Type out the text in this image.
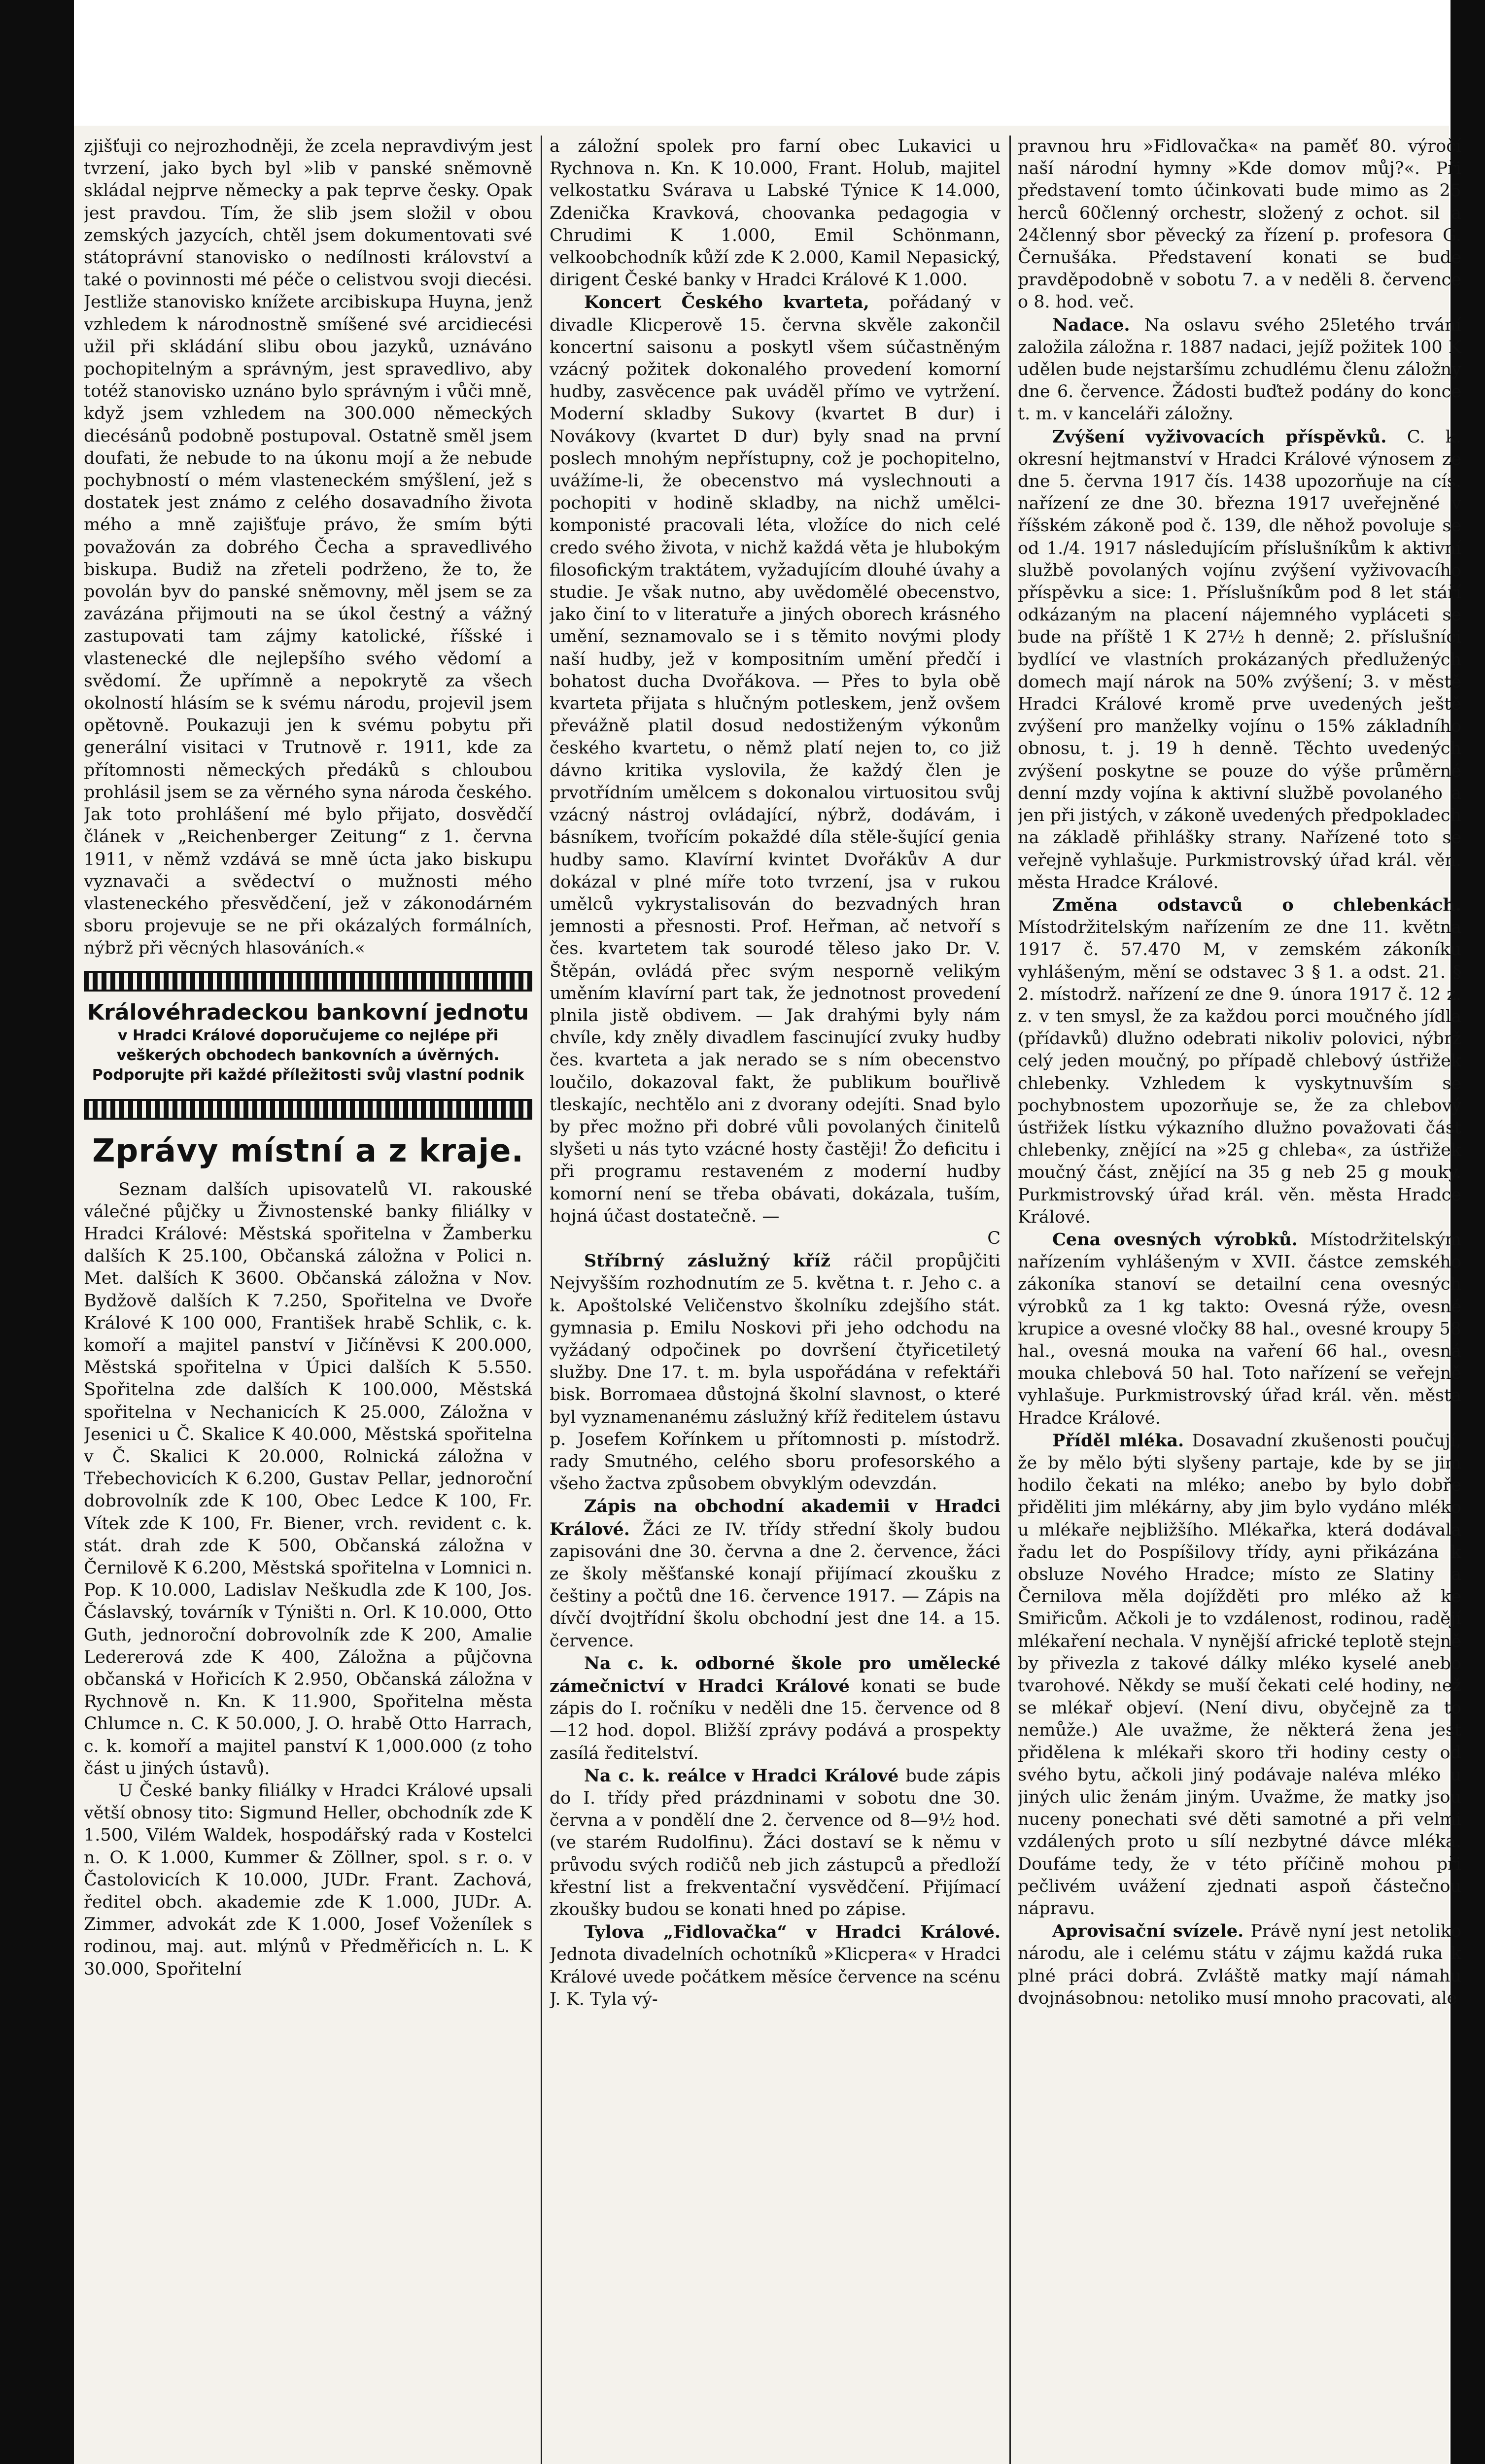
zjišťuji co nejrozhodněji, že zcela nepravdivým jest tvrzení, jako bych byl »lib v panské sněmovně skládal nejprve německy a pak teprve česky. Opak jest pravdou. Tím, že slib jsem složil v obou zemských jazycích, chtěl jsem dokumentovati své státoprávní stanovisko o nedílnosti království a také o povinnosti mé péče o celistvou svoji diecési. Jestliže stanovisko knížete arcibiskupa Huyna, jenž vzhledem k národnostně smíšené své arcidiecési užil při skládání slibu obou jazyků, uznáváno pochopitelným a správným, jest spravedlivo, aby totéž stanovisko uznáno bylo správným i vůči mně, když jsem vzhledem na 300.000 německých diecésánů podobně postupoval. Ostatně směl jsem doufati, že nebude to na úkonu mojí a že nebude pochybností o mém vlasteneckém smýšlení, jež s dostatek jest známo z celého dosavadního života mého a mně zajišťuje právo, že smím býti považován za dobrého Čecha a spravedlivého biskupa. Budiž na zřeteli podrženo, že to, že povolán byv do panské sněmovny, měl jsem se za zavázána přijmouti na se úkol čestný a vážný zastupovati tam zájmy katolické, říšské i vlastenecké dle nejlepšího svého vědomí a svědomí. Že upřímně a nepokrytě za všech okolností hlásím se k svému národu, projevil jsem opětovně. Poukazuji jen k svému pobytu při generální visitaci v Trutnově r. 1911, kde za přítomnosti německých předáků s chloubou prohlásil jsem se za věrného syna národa českého. Jak toto prohlášení mé bylo přijato, dosvědčí článek v „Reichenberger Zeitung“ z 1. června 1911, v němž vzdává se mně úcta jako biskupu vyznavači a svědectví o mužnosti mého vlasteneckého přesvědčení, jež v zákonodárném sboru projevuje se ne při okázalých formálních, nýbrž při věcných hlasováních.«

Královéhradeckou bankovní jednotu
v Hradci Králové doporučujeme co nejlépe při veškerých obchodech bankovních a úvěrných. Podporujte při každé příležitosti svůj vlastní podnik
Zprávy místní a z kraje.

Seznam dalších upisovatelů VI. rakouské válečné půjčky u Živnostenské banky filiálky v Hradci Králové: Městská spořitelna v Žamberku dalších K 25.100, Občanská záložna v Polici n. Met. dalších K 3600. Občanská záložna v Nov. Bydžově dalších K 7.250, Spořitelna ve Dvoře Králové K 100 000, František hrabě Schlik, c. k. komoří a majitel panství v Jičíněvsi K 200.000, Městská spořitelna v Úpici dalších K 5.550. Spořitelna zde dalších K 100.000, Městská spořitelna v Nechanicích K 25.000, Záložna v Jesenici u Č. Skalice K 40.000, Městská spořitelna v Č. Skalici K 20.000, Rolnická záložna v Třebechovicích K 6.200, Gustav Pellar, jednoroční dobrovolník zde K 100, Obec Ledce K 100, Fr. Vítek zde K 100, Fr. Biener, vrch. revident c. k. stát. drah zde K 500, Občanská záložna v Černilově K 6.200, Městská spořitelna v Lomnici n. Pop. K 10.000, Ladislav Neškudla zde K 100, Jos. Čáslavský, továrník v Týništi n. Orl. K 10.000, Otto Guth, jednoroční dobrovolník zde K 200, Amalie Ledererová zde K 400, Záložna a půjčovna občanská v Hořicích K 2.950, Občanská záložna v Rychnově n. Kn. K 11.900, Spořitelna města Chlumce n. C. K 50.000, J. O. hrabě Otto Harrach, c. k. komoří a majitel panství K 1,000.000 (z toho část u jiných ústavů).

U České banky filiálky v Hradci Králové upsali větší obnosy tito: Sigmund Heller, obchodník zde K 1.500, Vilém Waldek, hospodářský rada v Kostelci n. O. K 1.000, Kummer & Zöllner, spol. s r. o. v Častolovicích K 10.000, JUDr. Frant. Zachová, ředitel obch. akademie zde K 1.000, JUDr. A. Zimmer, advokát zde K 1.000, Josef Voženílek s rodinou, maj. aut. mlýnů v Předměřicích n. L. K 30.000, Spořitelní

a záložní spolek pro farní obec Lukavici u Rychnova n. Kn. K 10.000, Frant. Holub, majitel velkostatku Svárava u Labské Týnice K 14.000, Zdenička Kravková, choovanka pedagogia v Chrudimi K 1.000, Emil Schönmann, velkoobchodník kůží zde K 2.000, Kamil Nepasický, dirigent České banky v Hradci Králové K 1.000.

Koncert Českého kvarteta, pořádaný v divadle Klicperově 15. června skvěle zakončil koncertní saisonu a poskytl všem súčastněným vzácný požitek dokonalého provedení komorní hudby, zasvěcence pak uváděl přímo ve vytržení. Moderní skladby Sukovy (kvartet B dur) i Novákovy (kvartet D dur) byly snad na první poslech mnohým nepřístupny, což je pochopitelno, uvážíme-li, že obecenstvo má vyslechnouti a pochopiti v hodině skladby, na nichž umělci-komponisté pracovali léta, vložíce do nich celé credo svého života, v nichž každá věta je hlubokým filosofickým traktátem, vyžadujícím dlouhé úvahy a studie. Je však nutno, aby uvědomělé obecenstvo, jako činí to v literatuře a jiných oborech krásného umění, seznamovalo se i s těmito novými plody naší hudby, jež v kompositním umění předčí i bohatost ducha Dvořákova. — Přes to byla obě kvarteta přijata s hlučným potleskem, jenž ovšem převážně platil dosud nedostiženým výkonům českého kvartetu, o němž platí nejen to, co již dávno kritika vyslovila, že každý člen je prvotřídním umělcem s dokonalou virtuositou svůj vzácný nástroj ovládající, nýbrž, dodávám, i básníkem, tvořícím pokaždé díla stěle-šující genia hudby samo. Klavírní kvintet Dvořákův A dur dokázal v plné míře toto tvrzení, jsa v rukou umělců vykrystalisován do bezvadných hran jemnosti a přesnosti. Prof. Heřman, ač netvoří s čes. kvartetem tak sourodé těleso jako Dr. V. Štěpán, ovládá přec svým nesporně velikým uměním klavírní part tak, že jednotnost provedení plnila jistě obdivem. — Jak drahými byly nám chvíle, kdy zněly divadlem fascinující zvuky hudby čes. kvarteta a jak nerado se s ním obecenstvo loučilo, dokazoval fakt, že publikum bouřlivě tleskajíc, nechtělo ani z dvorany odejíti. Snad bylo by přec možno při dobré vůli povolaných činitelů slyšeti u nás tyto vzácné hosty častěji! Žo deficitu i při programu restaveném z moderní hudby komorní není se třeba obávati, dokázala, tuším, hojná účast dostatečně. —

C

Stříbrný záslužný kříž ráčil propůjčiti Nejvyšším rozhodnutím ze 5. května t. r. Jeho c. a k. Apoštolské Veličenstvo školníku zdejšího stát. gymnasia p. Emilu Noskovi při jeho odchodu na vyžádaný odpočinek po dovršení čtyřicetiletý služby. Dne 17. t. m. byla uspořádána v refektáři bisk. Borromaea důstojná školní slavnost, o které byl vyznamenanému záslužný kříž ředitelem ústavu p. Josefem Kořínkem u přítomnosti p. místodrž. rady Smutného, celého sboru profesorského a všeho žactva způsobem obvyklým odevzdán.

Zápis na obchodní akademii v Hradci Králové. Žáci ze IV. třídy střední školy budou zapisováni dne 30. června a dne 2. července, žáci ze školy měšťanské konají přijímací zkoušku z češtiny a počtů dne 16. července 1917. — Zápis na dívčí dvojtřídní školu obchodní jest dne 14. a 15. července.

Na c. k. odborné škole pro umělecké zámečnictví v Hradci Králové konati se bude zápis do I. ročníku v neděli dne 15. července od 8—12 hod. dopol. Bližší zprávy podává a prospekty zasílá ředitelství.

Na c. k. reálce v Hradci Králové bude zápis do I. třídy před prázdninami v sobotu dne 30. června a v pondělí dne 2. července od 8—9½ hod. (ve starém Rudolfinu). Žáci dostaví se k němu v průvodu svých rodičů neb jich zástupců a předloží křestní list a frekventační vysvědčení. Přijímací zkoušky budou se konati hned po zápise.

Tylova „Fidlovačka“ v Hradci Králové. Jednota divadelních ochotníků »Klicpera« v Hradci Králové uvede počátkem měsíce července na scénu J. K. Tyla vý-

pravnou hru »Fidlovačka« na paměť 80. výročí naší národní hymny »Kde domov můj?«. Při představení tomto účinkovati bude mimo as 25 herců 60členný orchestr, složený z ochot. sil a 24členný sbor pěvecký za řízení p. profesora G. Černušáka. Představení konati se bude pravděpodobně v sobotu 7. a v neděli 8. července o 8. hod. več.

Nadace. Na oslavu svého 25letého trvání založila záložna r. 1887 nadaci, jejíž požitek 100 K udělen bude nejstaršímu zchudlému členu záložny dne 6. července. Žádosti buďtež podány do konce t. m. v kanceláři záložny.

Zvýšení vyživovacích příspěvků. C. k. okresní hejtmanství v Hradci Králové výnosem ze dne 5. června 1917 čís. 1438 upozorňuje na cís. nařízení ze dne 30. března 1917 uveřejněné v říšském zákoně pod č. 139, dle něhož povoluje se od 1./4. 1917 následujícím příslušníkům k aktivní službě povolaných vojínu zvýšení vyživovacího příspěvku a sice: 1. Příslušníkům pod 8 let stáří odkázaným na placení nájemného vypláceti se bude na příště 1 K 27½ h denně; 2. příslušníci bydlící ve vlastních prokázaných předlužených domech mají nárok na 50% zvýšení; 3. v městě Hradci Králové kromě prve uvedených ještě zvýšení pro manželky vojínu o 15% základního obnosu, t. j. 19 h denně. Těchto uvedených zvýšení poskytne se pouze do výše průměrné denní mzdy vojína k aktivní službě povolaného a jen při jistých, v zákoně uvedených předpokladech na základě přihlášky strany. Nařízené toto se veřejně vyhlašuje. Purkmistrovský úřad král. věn. města Hradce Králové.

Změna odstavců o chlebenkách. Místodržitelským nařízením ze dne 11. května 1917 č. 57.470 M, v zemském zákoníku vyhlášeným, mění se odstavec 3 § 1. a odst. 21. § 2. místodrž. nařízení ze dne 9. února 1917 č. 12 z. z. v ten smysl, že za každou porci moučného jídla (přídavků) dlužno odebrati nikoliv polovici, nýbrž celý jeden moučný, po případě chlebový ústřižek chlebenky. Vzhledem k vyskytnuvším se pochybnostem upozorňuje se, že za chlebový ústřižek lístku výkazního dlužno považovati část chlebenky, znějící na »25 g chleba«, za ústřižek moučný část, znějící na 35 g neb 25 g mouky. Purkmistrovský úřad král. věn. města Hradce Králové.

Cena ovesných výrobků. Místodržitelským nařízením vyhlášeným v XVII. částce zemského zákoníka stanoví se detailní cena ovesných výrobků za 1 kg takto: Ovesná rýže, ovesné krupice a ovesné vločky 88 hal., ovesné kroupy 58 hal., ovesná mouka na vaření 66 hal., ovesná mouka chlebová 50 hal. Toto nařízení se veřejně vyhlašuje. Purkmistrovský úřad král. věn. města Hradce Králové.

Příděl mléka. Dosavadní zkušenosti poučují, že by mělo býti slyšeny partaje, kde by se jim hodilo čekati na mléko; anebo by bylo dobře přiděliti jim mlékárny, aby jim bylo vydáno mléko u mlékaře nejbližšího. Mlékařka, která dodávala řadu let do Pospíšilovy třídy, ayni přikázána k obsluze Nového Hradce; místo ze Slatiny a Černilova měla dojížděti pro mléko až ke Smiřicům. Ačkoli je to vzdálenost, rodinou, radějí mlékaření nechala. V nynější africké teplotě stejně by přivezla z takové dálky mléko kyselé anebo tvarohové. Někdy se muší čekati celé hodiny, než se mlékař objeví. (Není divu, obyčejně za to nemůže.) Ale uvažme, že některá žena jest přidělena k mlékaři skoro tři hodiny cesty od svého bytu, ačkoli jiný podávaje naléva mléko u jiných ulic ženám jiným. Uvažme, že matky jsou nuceny ponechati své děti samotné a při velmi vzdálených proto u sílí nezbytné dávce mléka. Doufáme tedy, že v této příčině mohou při pečlivém uvážení zjednati aspoň částečnou nápravu.

Aprovisační svízele. Právě nyní jest netoliko národu, ale i celému státu v zájmu každá ruka k plné práci dobrá. Zvláště matky mají námahu dvojnásobnou: netoliko musí mnoho pracovati, ale
